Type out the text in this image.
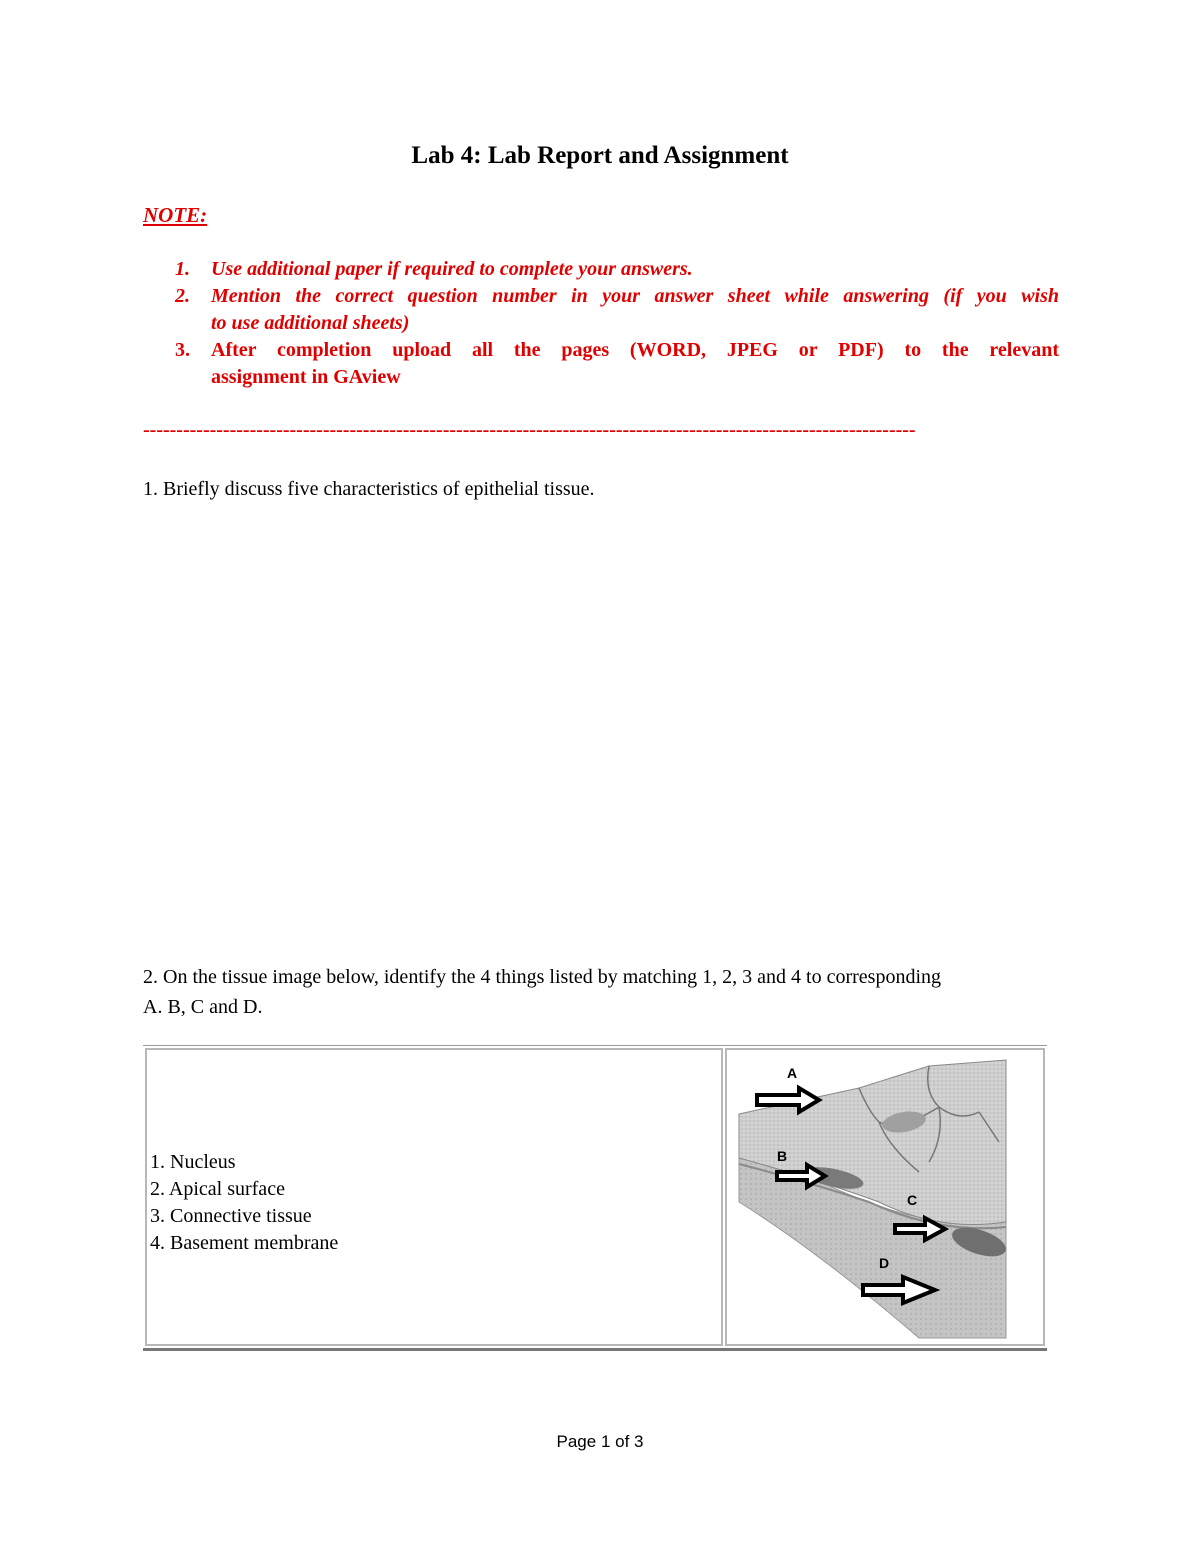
Lab 4: Lab Report and Assignment
NOTE:
1.	Use additional paper if required to complete your answers.
2.	Mention the correct question number in your answer sheet while answering (if you wish
to use additional sheets)
3.	After completion upload all the pages (WORD, JPEG or PDF) to the relevant
assignment in GAview
--------------------------------------------------------------------------------------------------------------------
1. Briefly discuss five characteristics of epithelial tissue.
2. On the tissue image below, identify the 4 things listed by matching 1, 2, 3 and 4 to corresponding
A. B, C and D.
1. Nucleus
2. Apical surface
3. Connective tissue
4. Basement membrane
A
B
C
D
Page 1 of 3
